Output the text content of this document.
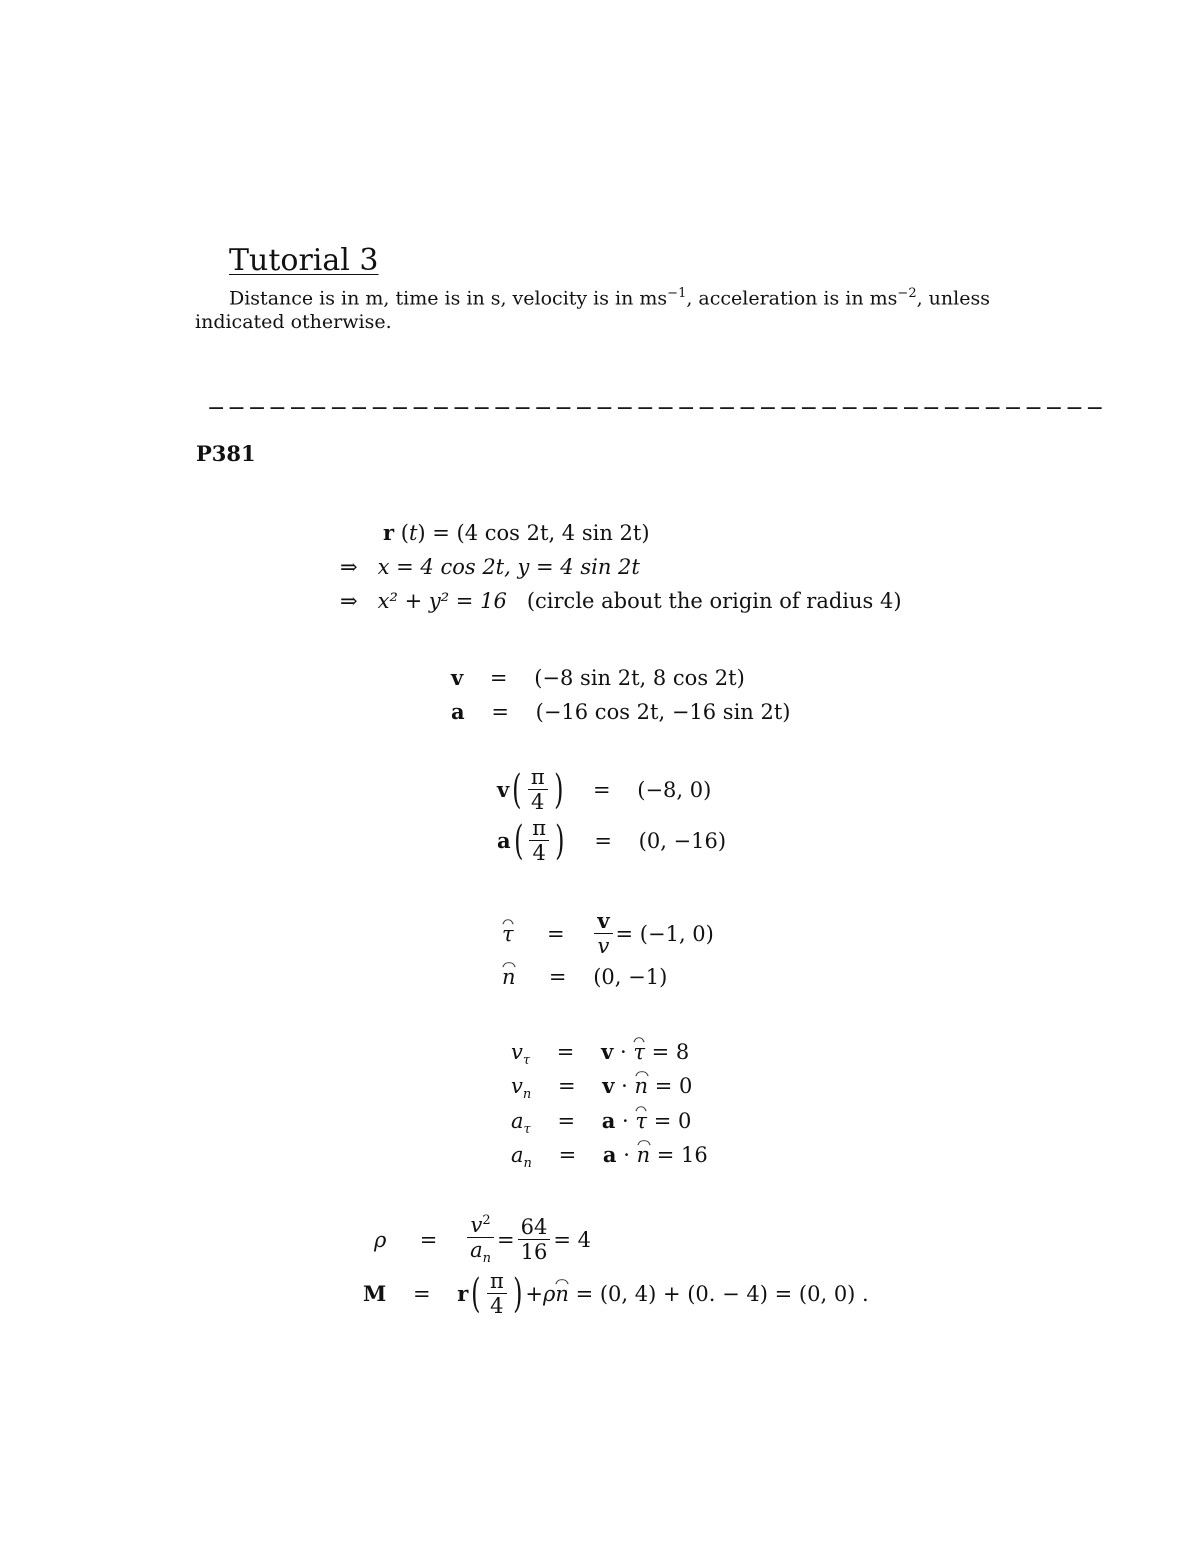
Tutorial 3
Distance is in m, time is in s, velocity is in $ms^{-1}$, acceleration is in $ms^{-2}$, unless
indicated otherwise.
−−−−−−−−−−−−−−−−−−−−−−−−−−−−−−−−−−−−−−−−−−−−
P381
r (t) = (4 cos 2t, 4 sin 2t)
⇒ x = 4 cos 2t, y = 4 sin 2t
⇒ x² + y² = 16 (circle about the origin of radius 4)
v = (−8 sin 2t, 8 cos 2t)
a = (−16 cos 2t, −16 sin 2t)
v ( $\frac{\pi}{4}$ )
=
(−8, 0)
a ( $\frac{\pi}{4}$ )
=
(0, −16)
τ
=
$\frac{v}{v} = (-1$, 0)
n = (0, −1)
$v_\tau = v \cdot \tau = 8$
$v_n = v \cdot n = 0$
$a_\tau = a \cdot \tau = 0$
$a_n = a \cdot n = 16$
ρ
=
$\frac{v^2}{a_n} = \frac{64}{16} = 4$
M
=
r ( $\frac{\pi}{4}$ ) + ρ n
= (0, 4) + (0. − 4) = (0, 0) .
